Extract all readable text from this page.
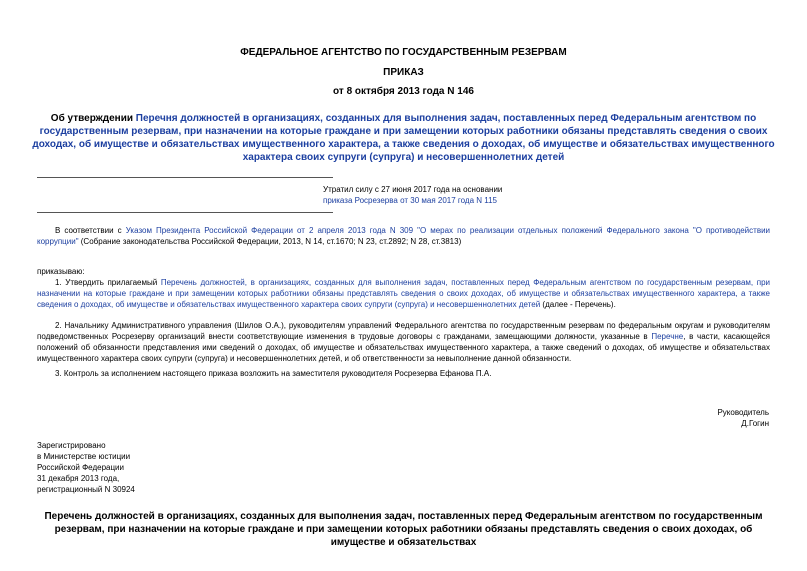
ФЕДЕРАЛЬНОЕ АГЕНТСТВО ПО ГОСУДАРСТВЕННЫМ РЕЗЕРВАМ
ПРИКАЗ
от 8 октября 2013 года N 146
Об утверждении Перечня должностей в организациях, созданных для выполнения задач, поставленных перед Федеральным агентством по государственным резервам, при назначении на которые граждане и при замещении которых работники обязаны представлять сведения о своих доходах, об имуществе и обязательствах имущественного характера, а также сведения о доходах, об имуществе и обязательствах имущественного характера своих супруги (супруга) и несовершеннолетних детей
Утратил силу с 27 июня 2017 года на основании
приказа Росрезерва от 30 мая 2017 года N 115
В соответствии с Указом Президента Российской Федерации от 2 апреля 2013 года N 309 "О мерах по реализации отдельных положений Федерального закона "О противодействии коррупции" (Собрание законодательства Российской Федерации, 2013, N 14, ст.1670; N 23, ст.2892; N 28, ст.3813)
приказываю:
1. Утвердить прилагаемый Перечень должностей, в организациях, созданных для выполнения задач, поставленных перед Федеральным агентством по государственным резервам, при назначении на которые граждане и при замещении которых работники обязаны представлять сведения о своих доходах, об имуществе и обязательствах имущественного характера, а также сведения о доходах, об имуществе и обязательствах имущественного характера своих супруги (супруга) и несовершеннолетних детей (далее - Перечень).
2. Начальнику Административного управления (Шилов О.А.), руководителям управлений Федерального агентства по государственным резервам по федеральным округам и руководителям подведомственных Росрезерву организаций внести соответствующие изменения в трудовые договоры с гражданами, замещающими должности, указанные в Перечне, в части, касающейся положений об обязанности представления ими сведений о доходах, об имуществе и обязательствах имущественного характера, а также сведений о доходах, об имуществе и обязательствах имущественного характера своих супруги (супруга) и несовершеннолетних детей, и об ответственности за невыполнение данной обязанности.
3. Контроль за исполнением настоящего приказа возложить на заместителя руководителя Росрезерва Ефанова П.А.
Руководитель
Д.Гогин
Зарегистрировано
в Министерстве юстиции
Российской Федерации
31 декабря 2013 года,
регистрационный N 30924
Перечень должностей в организациях, созданных для выполнения задач, поставленных перед Федеральным агентством по государственным резервам, при назначении на которые граждане и при замещении которых работники обязаны представлять сведения о своих доходах, об имуществе и обязательствах
